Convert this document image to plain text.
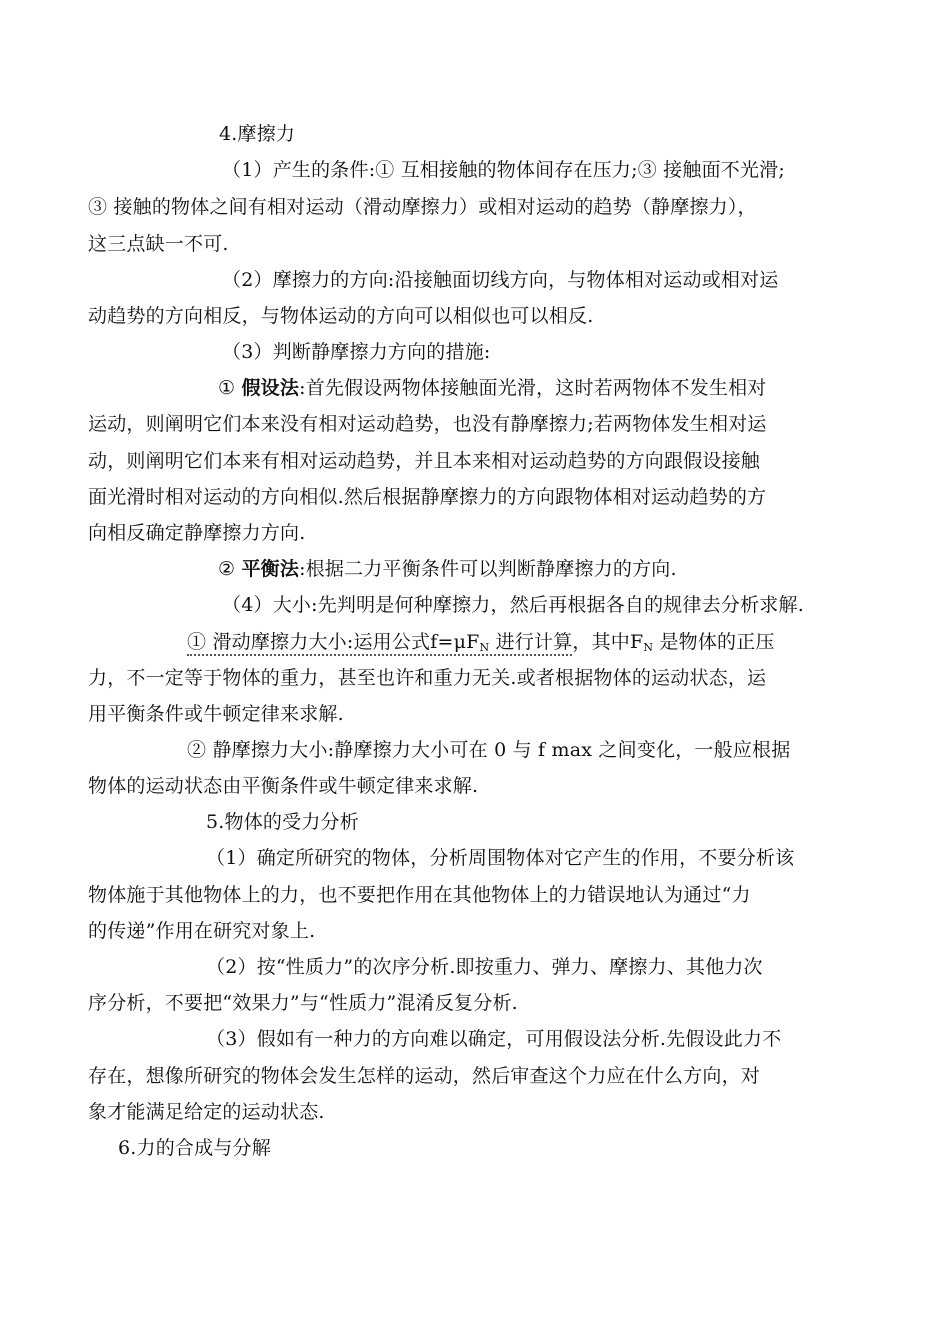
4.摩擦力
（1）产生的条件:① 互相接触的物体间存在压力;③ 接触面不光滑;
③ 接触的物体之间有相对运动（滑动摩擦力）或相对运动的趋势（静摩擦力），
这三点缺一不可.
（2）摩擦力的方向:沿接触面切线方向，与物体相对运动或相对运
动趋势的方向相反，与物体运动的方向可以相似也可以相反.
（3）判断静摩擦力方向的措施:
① 假设法:首先假设两物体接触面光滑，这时若两物体不发生相对
运动，则阐明它们本来没有相对运动趋势，也没有静摩擦力;若两物体发生相对运
动，则阐明它们本来有相对运动趋势，并且本来相对运动趋势的方向跟假设接触
面光滑时相对运动的方向相似.然后根据静摩擦力的方向跟物体相对运动趋势的方
向相反确定静摩擦力方向.
② 平衡法:根据二力平衡条件可以判断静摩擦力的方向.
（4）大小:先判明是何种摩擦力，然后再根据各自的规律去分析求解.
① 滑动摩擦力大小:运用公式$f=\mu F_N$ 进行计算，其中$F_N$ 是物体的正压
力，不一定等于物体的重力，甚至也许和重力无关.或者根据物体的运动状态，运
用平衡条件或牛顿定律来求解.
② 静摩擦力大小:静摩擦力大小可在 0 与 f max 之间变化，一般应根据
物体的运动状态由平衡条件或牛顿定律来求解.
5.物体的受力分析
（1）确定所研究的物体，分析周围物体对它产生的作用，不要分析该
物体施于其他物体上的力，也不要把作用在其他物体上的力错误地认为通过“力
的传递”作用在研究对象上.
（2）按“性质力”的次序分析.即按重力、弹力、摩擦力、其他力次
序分析，不要把“效果力”与“性质力”混淆反复分析.
（3）假如有一种力的方向难以确定，可用假设法分析.先假设此力不
存在，想像所研究的物体会发生怎样的运动，然后审查这个力应在什么方向，对
象才能满足给定的运动状态.
6.力的合成与分解
